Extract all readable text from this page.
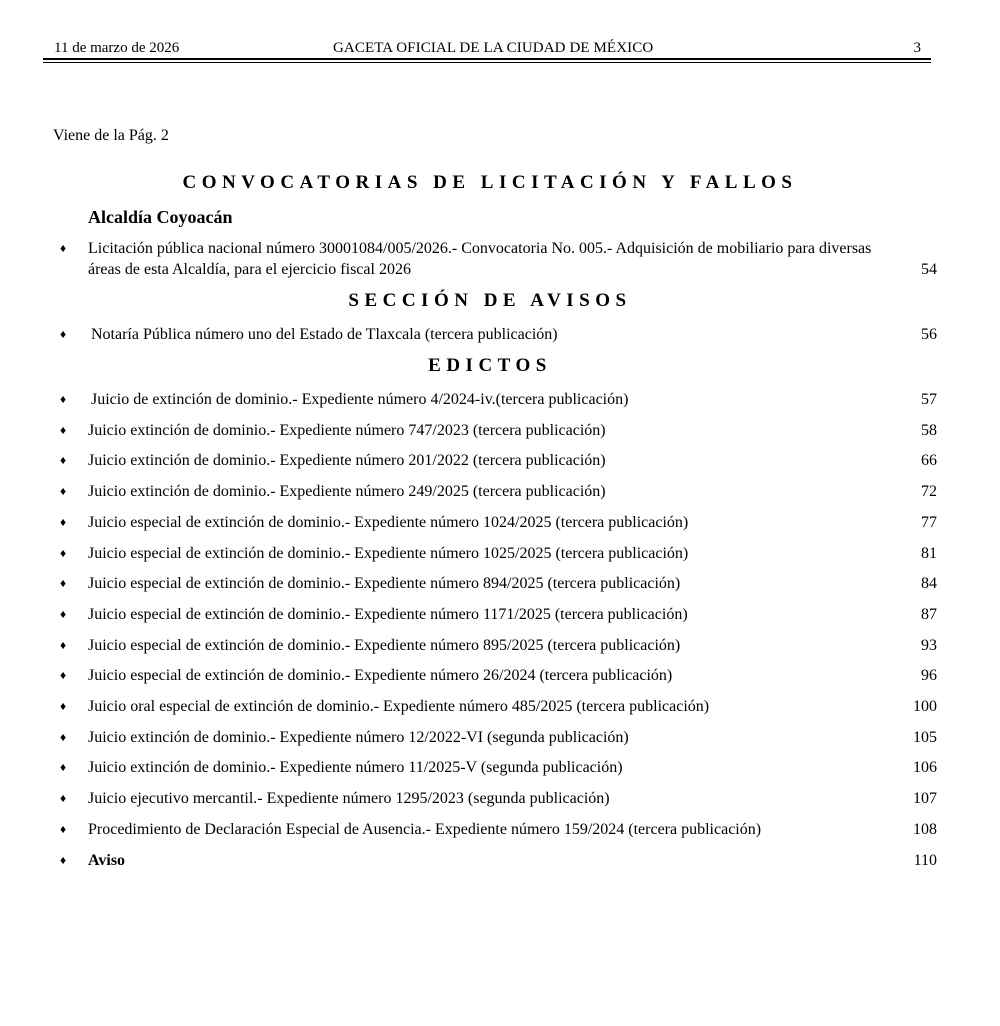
11 de marzo de 2026	GACETA OFICIAL DE LA CIUDAD DE MÉXICO	3
Viene de la Pág. 2
CONVOCATORIAS DE LICITACIÓN Y FALLOS
Alcaldía Coyoacán
♦ Licitación pública nacional número 30001084/005/2026.- Convocatoria No. 005.- Adquisición de mobiliario para diversas áreas de esta Alcaldía, para el ejercicio fiscal 2026	54
SECCIÓN DE AVISOS
♦ Notaría Pública número uno del Estado de Tlaxcala (tercera publicación)	56
EDICTOS
♦ Juicio de extinción de dominio.- Expediente número 4/2024-iv.(tercera publicación)	57
♦ Juicio extinción de dominio.- Expediente número 747/2023 (tercera publicación)	58
♦ Juicio extinción de dominio.- Expediente número 201/2022 (tercera publicación)	66
♦ Juicio extinción de dominio.- Expediente número 249/2025 (tercera publicación)	72
♦ Juicio especial de extinción de dominio.- Expediente número 1024/2025 (tercera publicación)	77
♦ Juicio especial de extinción de dominio.- Expediente número 1025/2025 (tercera publicación)	81
♦ Juicio especial de extinción de dominio.- Expediente número 894/2025 (tercera publicación)	84
♦ Juicio especial de extinción de dominio.- Expediente número 1171/2025 (tercera publicación)	87
♦ Juicio especial de extinción de dominio.- Expediente número 895/2025 (tercera publicación)	93
♦ Juicio especial de extinción de dominio.- Expediente número 26/2024 (tercera publicación)	96
♦ Juicio oral especial de extinción de dominio.- Expediente número 485/2025 (tercera publicación)	100
♦ Juicio extinción de dominio.- Expediente número 12/2022-VI (segunda publicación)	105
♦ Juicio extinción de dominio.- Expediente número 11/2025-V (segunda publicación)	106
♦ Juicio ejecutivo mercantil.- Expediente número 1295/2023 (segunda publicación)	107
♦ Procedimiento de Declaración Especial de Ausencia.- Expediente número 159/2024 (tercera publicación)	108
♦ Aviso	110
